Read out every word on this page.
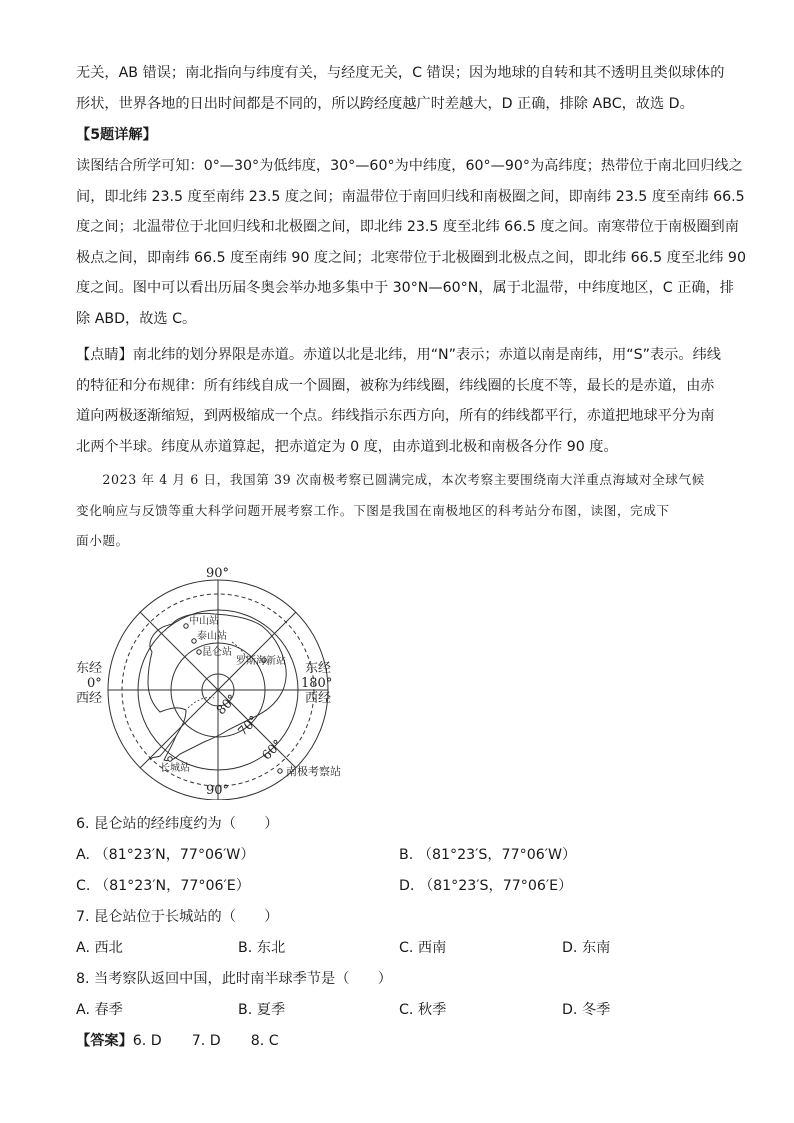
无关，AB 错误；南北指向与纬度有关，与经度无关，C 错误；因为地球的自转和其不透明且类似球体的
形状，世界各地的日出时间都是不同的，所以跨经度越广时差越大，D 正确，排除 ABC，故选 D。
【5题详解】
读图结合所学可知：0°—30°为低纬度，30°—60°为中纬度，60°—90°为高纬度；热带位于南北回归线之
间，即北纬 23.5 度至南纬 23.5 度之间；南温带位于南回归线和南极圈之间，即南纬 23.5 度至南纬 66.5
度之间；北温带位于北回归线和北极圈之间，即北纬 23.5 度至北纬 66.5 度之间。南寒带位于南极圈到南
极点之间，即南纬 66.5 度至南纬 90 度之间；北寒带位于北极圈到北极点之间，即北纬 66.5 度至北纬 90
度之间。图中可以看出历届冬奥会举办地多集中于 30°N—60°N，属于北温带，中纬度地区，C 正确，排
除 ABD，故选 C。
【点睛】南北纬的划分界限是赤道。赤道以北是北纬，用“N”表示；赤道以南是南纬，用“S”表示。纬线
的特征和分布规律：所有纬线自成一个圆圈，被称为纬线圈，纬线圈的长度不等，最长的是赤道，由赤
道向两极逐渐缩短，到两极缩成一个点。纬线指示东西方向，所有的纬线都平行，赤道把地球平分为南
北两个半球。纬度从赤道算起，把赤道定为 0 度，由赤道到北极和南极各分作 90 度。
　　2023 年 4 月 6 日，我国第 39 次南极考察已圆满完成，本次考察主要围绕南大洋重点海域对全球气候
变化响应与反馈等重大科学问题开展考察工作。下图是我国在南极地区的科考站分布图，读图，完成下
面小题。
90°
90°
东经
0°
西经
东经
180°
西经
80°
70°
60°
中山站
泰山站
昆仑站
罗斯海新站
长城站	南极考察站
6. 昆仑站的经纬度约为（　　）
A. （81°23′N，77°06′W）	B. （81°23′S，77°06′W）
C. （81°23′N，77°06′E）	D. （81°23′S，77°06′E）
7. 昆仑站位于长城站的（　　）
A. 西北	B. 东北	C. 西南	D. 东南
8. 当考察队返回中国，此时南半球季节是（　　）
A. 春季	B. 夏季	C. 秋季	D. 冬季
【答案】6. D 7. D 8. C
